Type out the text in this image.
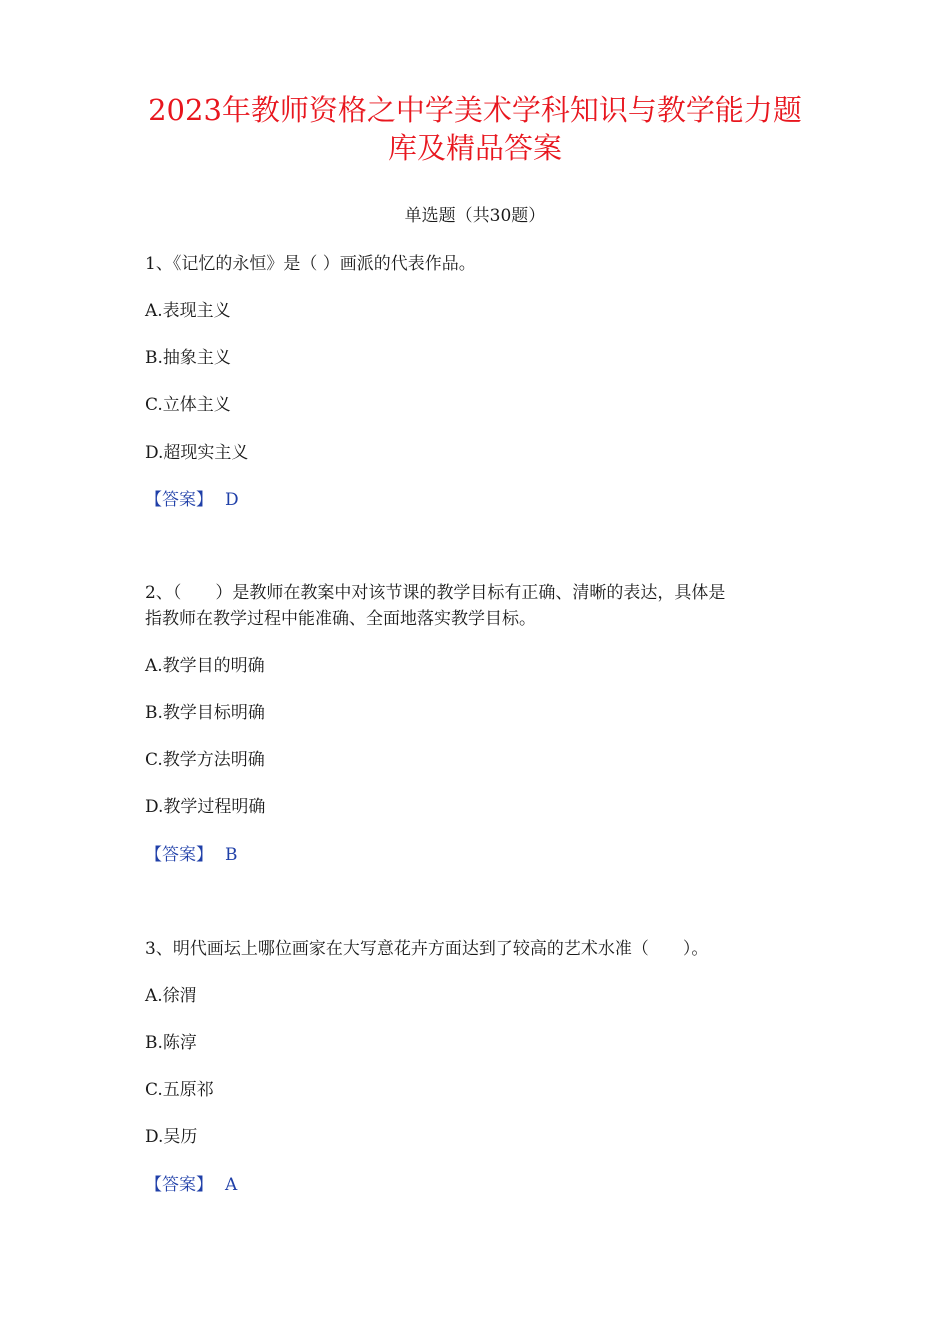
2023年教师资格之中学美术学科知识与教学能力题
库及精品答案
单选题（共30题）
1、《记忆的永恒》是（ ）画派的代表作品。
A.表现主义
B.抽象主义
C.立体主义
D.超现实主义
【答案】 D
2、（　　）是教师在教案中对该节课的教学目标有正确、清晰的表达，具体是
指教师在教学过程中能准确、全面地落实教学目标。
A.教学目的明确
B.教学目标明确
C.教学方法明确
D.教学过程明确
【答案】 B
3、明代画坛上哪位画家在大写意花卉方面达到了较高的艺术水准（　　）。
A.徐渭
B.陈淳
C.五原祁
D.吴历
【答案】 A
